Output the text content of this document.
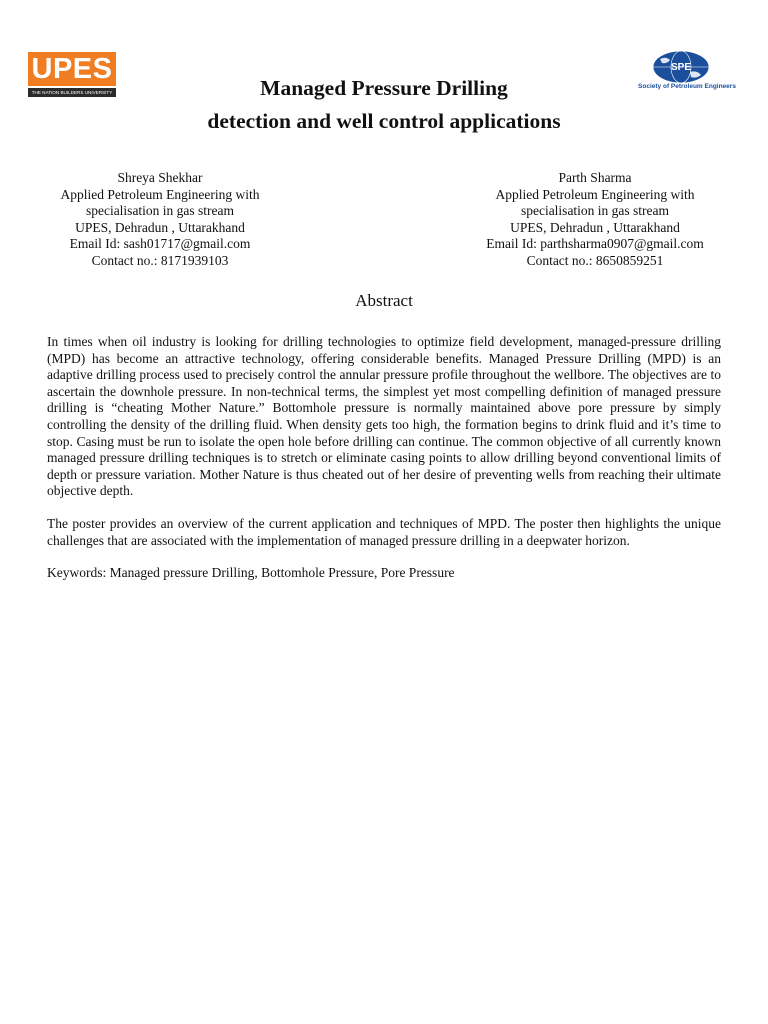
UPES
THE NATION BUILDERS UNIVERSITY
SPE
Society of Petroleum Engineers
Managed Pressure Drilling
detection and well control applications
Shreya Shekhar
Applied Petroleum Engineering with
specialisation in gas stream
UPES, Dehradun , Uttarakhand
Email Id: sash01717@gmail.com
Contact no.: 8171939103
Parth Sharma
Applied Petroleum Engineering with
specialisation in gas stream
UPES, Dehradun , Uttarakhand
Email Id: parthsharma0907@gmail.com
Contact no.: 8650859251
Abstract

In times when oil industry is looking for drilling technologies to optimize field development, managed-pressure drilling (MPD) has become an attractive technology, offering considerable benefits. Managed Pressure Drilling (MPD) is an adaptive drilling process used to precisely control the annular pressure profile throughout the wellbore. The objectives are to ascertain the downhole pressure. In non-technical terms, the simplest yet most compelling definition of managed pressure drilling is “cheating Mother Nature.” Bottomhole pressure is normally maintained above pore pressure by simply controlling the density of the drilling fluid. When density gets too high, the formation begins to drink fluid and it’s time to stop. Casing must be run to isolate the open hole before drilling can continue. The common objective of all currently known managed pressure drilling techniques is to stretch or eliminate casing points to allow drilling beyond conventional limits of depth or pressure variation. Mother Nature is thus cheated out of her desire of preventing wells from reaching their ultimate objective depth.

The poster provides an overview of the current application and techniques of MPD. The poster then highlights the unique challenges that are associated with the implementation of managed pressure drilling in a deepwater horizon.

Keywords: Managed pressure Drilling, Bottomhole Pressure, Pore Pressure
